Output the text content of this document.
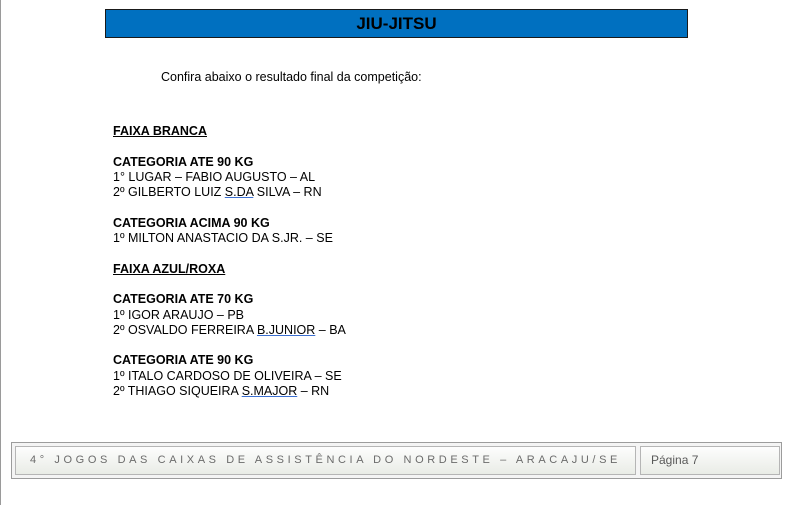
JIU-JITSU
Confira abaixo o resultado final da competição:
FAIXA BRANCA
CATEGORIA ATE 90 KG
1° LUGAR – FABIO AUGUSTO – AL
2º GILBERTO LUIZ S.DA SILVA – RN
CATEGORIA ACIMA 90 KG
1º MILTON ANASTACIO DA S.JR. – SE
FAIXA AZUL/ROXA
CATEGORIA ATE 70 KG
1º IGOR ARAUJO – PB
2º OSVALDO FERREIRA B.JUNIOR – BA
CATEGORIA ATE 90 KG
1º ITALO CARDOSO DE OLIVEIRA – SE
2º THIAGO SIQUEIRA S.MAJOR – RN
4° JOGOS DAS CAIXAS DE ASSISTÊNCIA DO NORDESTE – ARACAJU/SE	Página 7
